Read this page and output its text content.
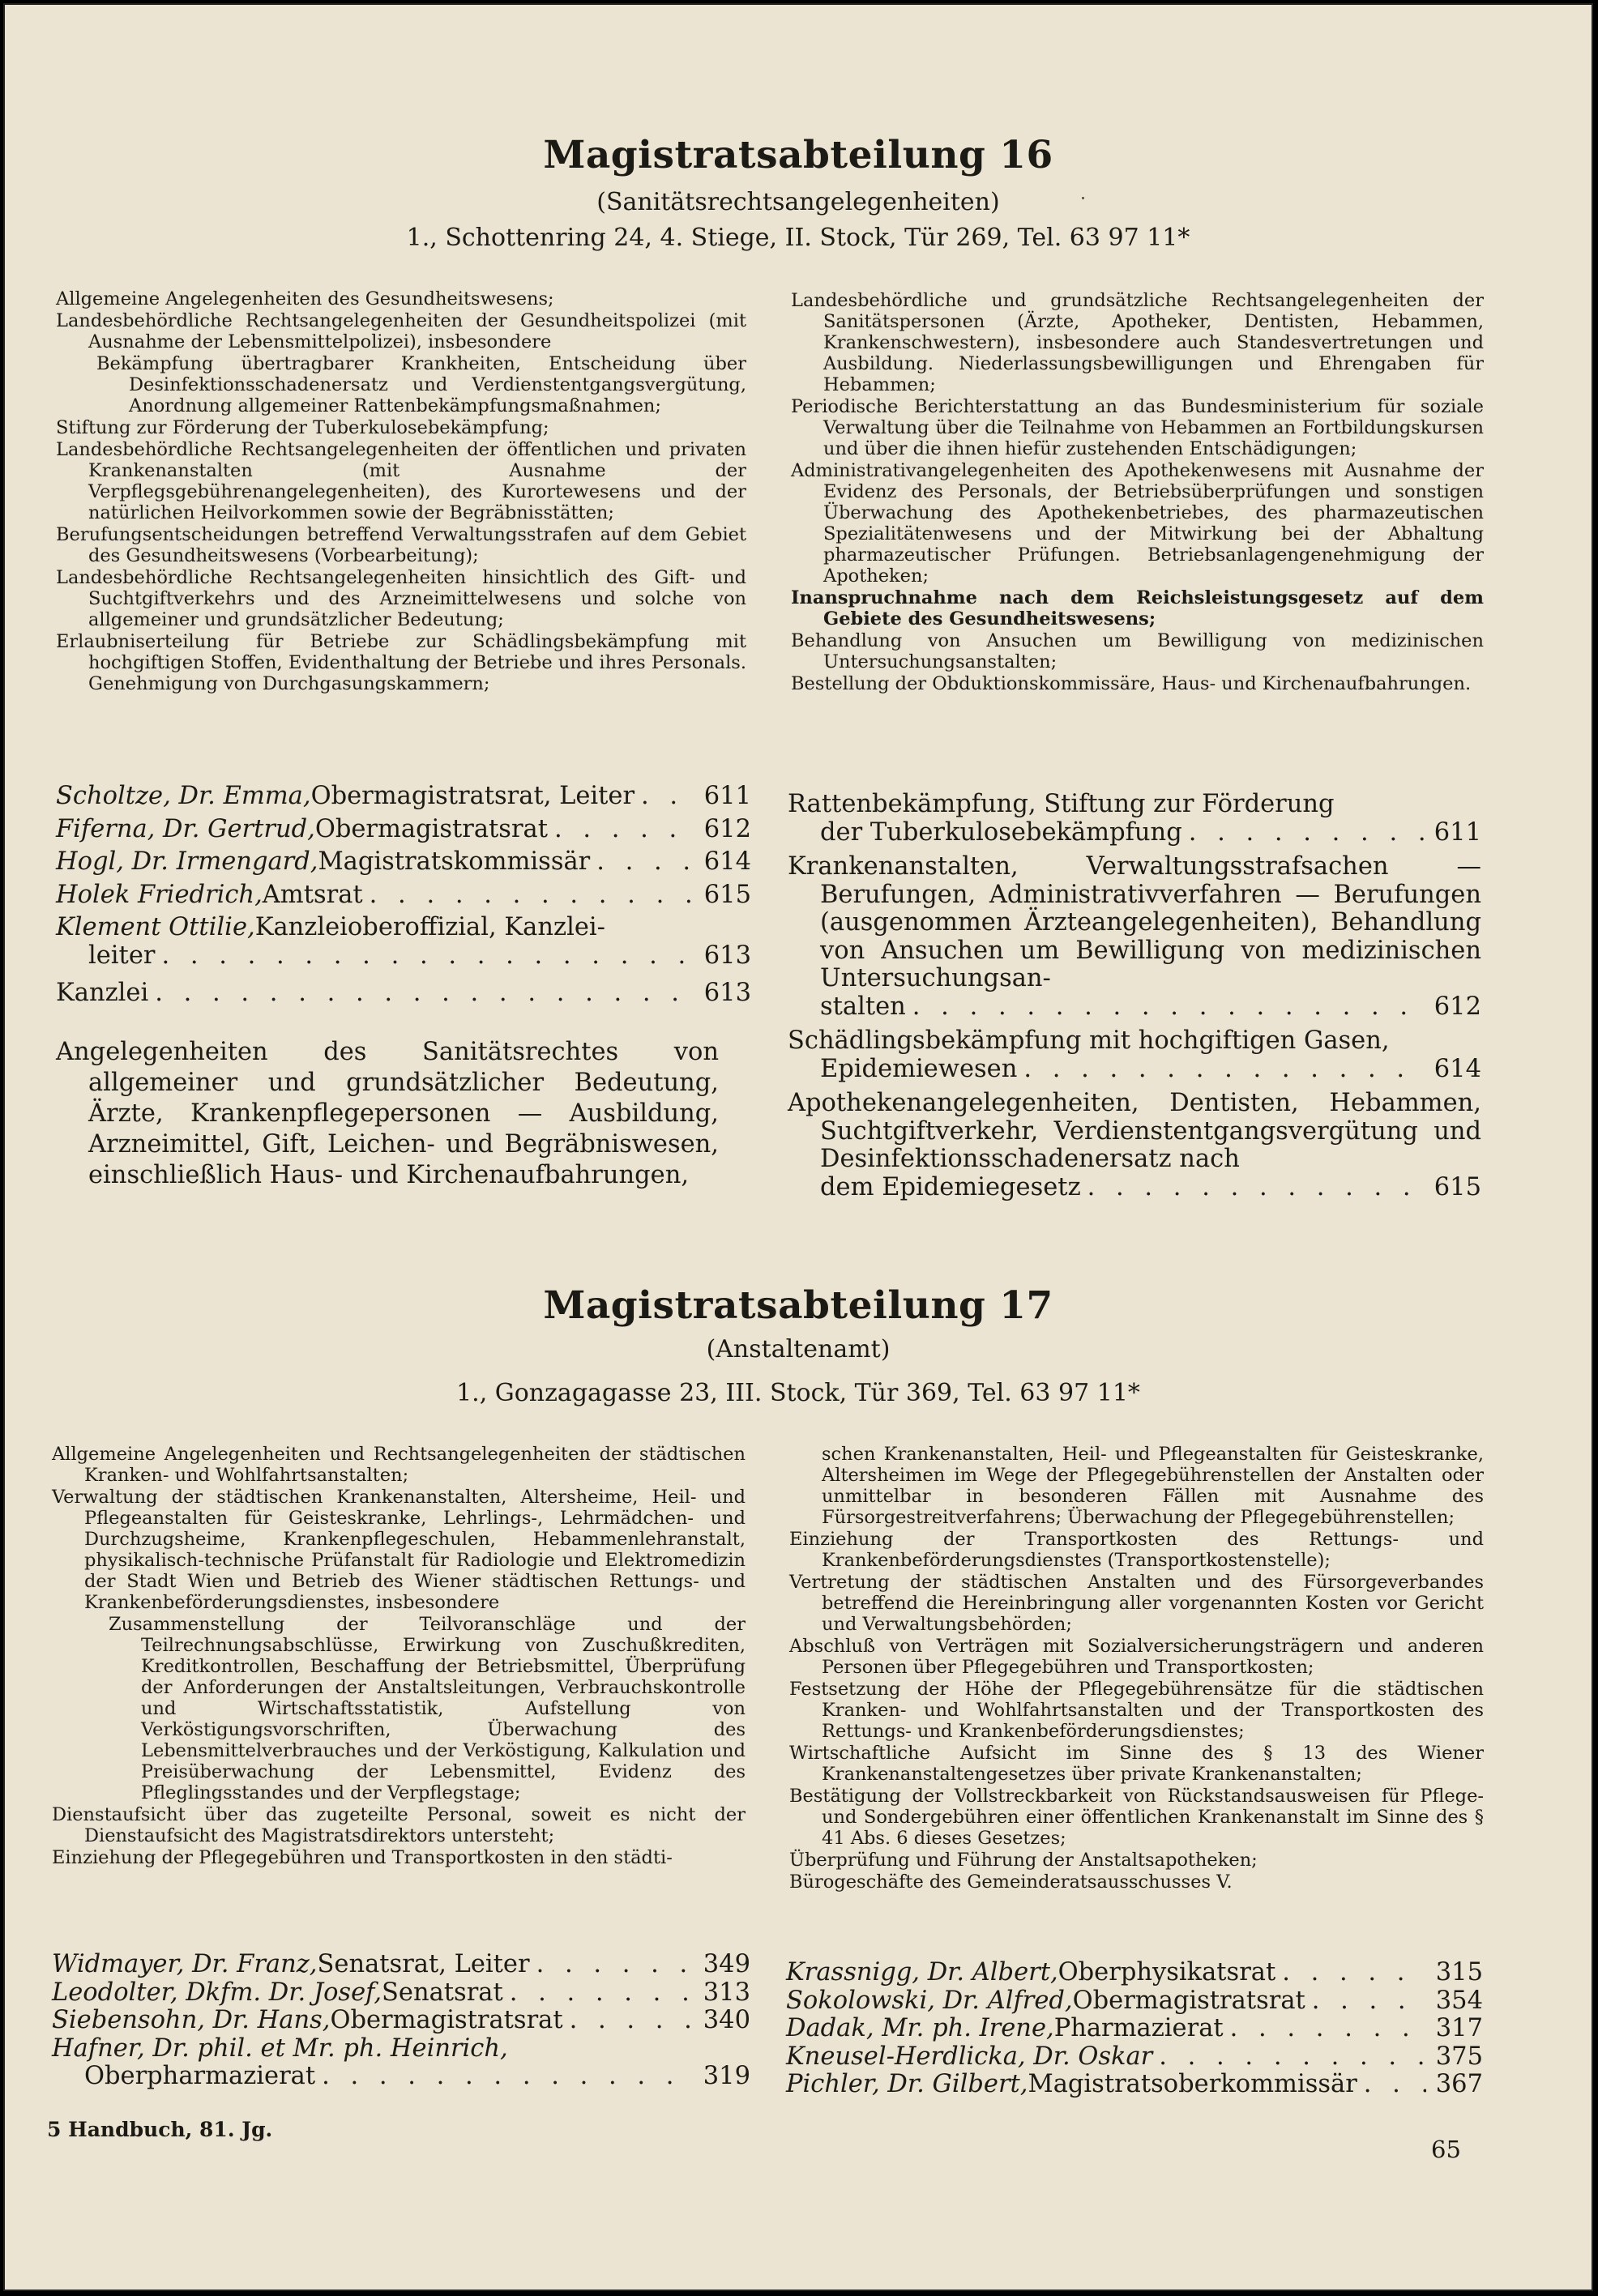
Magistratsabteilung 16
(Sanitätsrechtsangelegenheiten)
1., Schottenring 24, 4. Stiege, II. Stock, Tür 269, Tel. 63 97 11*
Allgemeine Angelegenheiten des Gesundheitswesens;
Landesbehördliche Rechtsangelegenheiten der Gesundheitspolizei (mit Ausnahme der Lebensmittelpolizei), insbesondere
Bekämpfung übertragbarer Krankheiten, Entscheidung über Desinfektionsschadenersatz und Verdienstentgangsvergütung, Anordnung allgemeiner Rattenbekämpfungsmaßnahmen;
Stiftung zur Förderung der Tuberkulosebekämpfung;
Landesbehördliche Rechtsangelegenheiten der öffentlichen und privaten Krankenanstalten (mit Ausnahme der Verpflegsgebührenangelegenheiten), des Kurortewesens und der natürlichen Heilvorkommen sowie der Begräbnisstätten;
Berufungsentscheidungen betreffend Verwaltungsstrafen auf dem Gebiet des Gesundheitswesens (Vorbearbeitung);
Landesbehördliche Rechtsangelegenheiten hinsichtlich des Gift- und Suchtgiftverkehrs und des Arzneimittelwesens und solche von allgemeiner und grundsätzlicher Bedeutung;
Erlaubniserteilung für Betriebe zur Schädlingsbekämpfung mit hochgiftigen Stoffen, Evidenthaltung der Betriebe und ihres Personals. Genehmigung von Durchgasungskammern;
Landesbehördliche und grundsätzliche Rechtsangelegenheiten der Sanitätspersonen (Ärzte, Apotheker, Dentisten, Hebammen, Krankenschwestern), insbesondere auch Standesvertretungen und Ausbildung. Niederlassungsbewilligungen und Ehrengaben für Hebammen;
Periodische Berichterstattung an das Bundesministerium für soziale Verwaltung über die Teilnahme von Hebammen an Fortbildungskursen und über die ihnen hiefür zustehenden Entschädigungen;
Administrativangelegenheiten des Apothekenwesens mit Ausnahme der Evidenz des Personals, der Betriebsüberprüfungen und sonstigen Überwachung des Apothekenbetriebes, des pharmazeutischen Spezialitätenwesens und der Mitwirkung bei der Abhaltung pharmazeutischer Prüfungen. Betriebsanlagengenehmigung der Apotheken;
Inanspruchnahme nach dem Reichsleistungsgesetz auf dem Gebiete des Gesundheitswesens;
Behandlung von Ansuchen um Bewilligung von medizinischen Untersuchungsanstalten;
Bestellung der Obduktionskommissäre, Haus- und Kirchenaufbahrungen.
Scholtze, Dr. Emma, Obermagistratsrat, Leiter . . .	611
Fiferna, Dr. Gertrud, Obermagistratsrat . . .	612
Hogl, Dr. Irmengard, Magistratskommissär . . .	614
Holek Friedrich, Amtsrat . . .	615
Klement Ottilie, Kanzleioberoffizial, Kanzlei-
leiter . . .	613
Kanzlei . . .	613
Angelegenheiten des Sanitätsrechtes von allgemeiner und grundsätzlicher Bedeutung, Ärzte, Krankenpflegepersonen — Ausbildung, Arzneimittel, Gift, Leichen- und Begräbniswesen, einschließlich Haus- und Kirchenaufbahrungen,
Rattenbekämpfung, Stiftung zur Förderung
der Tuberkulosebekämpfung . . .	611
Krankenanstalten, Verwaltungsstrafsachen — Berufungen, Administrativverfahren — Berufungen (ausgenommen Ärzteangelegenheiten), Behandlung von Ansuchen um Bewilligung von medizinischen Untersuchungsan-
stalten . . .	612
Schädlingsbekämpfung mit hochgiftigen Gasen,
Epidemiewesen . . .	614
Apothekenangelegenheiten, Dentisten, Hebammen, Suchtgiftverkehr, Verdienstentgangsvergütung und Desinfektionsschadenersatz nach
dem Epidemiegesetz . . .	615
Magistratsabteilung 17
(Anstaltenamt)
1., Gonzagagasse 23, III. Stock, Tür 369, Tel. 63 97 11*
Allgemeine Angelegenheiten und Rechtsangelegenheiten der städtischen Kranken- und Wohlfahrtsanstalten;
Verwaltung der städtischen Krankenanstalten, Altersheime, Heil- und Pflegeanstalten für Geisteskranke, Lehrlings-, Lehrmädchen- und Durchzugsheime, Krankenpflegeschulen, Hebammenlehranstalt, physikalisch-technische Prüfanstalt für Radiologie und Elektromedizin der Stadt Wien und Betrieb des Wiener städtischen Rettungs- und Krankenbeförderungsdienstes, insbesondere
Zusammenstellung der Teilvoranschläge und der Teilrechnungsabschlüsse, Erwirkung von Zuschußkrediten, Kreditkontrollen, Beschaffung der Betriebsmittel, Überprüfung der Anforderungen der Anstaltsleitungen, Verbrauchskontrolle und Wirtschaftsstatistik, Aufstellung von Verköstigungsvorschriften, Überwachung des Lebensmittelverbrauches und der Verköstigung, Kalkulation und Preisüberwachung der Lebensmittel, Evidenz des Pfleglingsstandes und der Verpflegstage;
Dienstaufsicht über das zugeteilte Personal, soweit es nicht der Dienstaufsicht des Magistratsdirektors untersteht;
Einziehung der Pflegegebühren und Transportkosten in den städti-
schen Krankenanstalten, Heil- und Pflegeanstalten für Geisteskranke, Altersheimen im Wege der Pflegegebührenstellen der Anstalten oder unmittelbar in besonderen Fällen mit Ausnahme des Fürsorgestreitverfahrens; Überwachung der Pflegegebührenstellen;
Einziehung der Transportkosten des Rettungs- und Krankenbeförderungsdienstes (Transportkostenstelle);
Vertretung der städtischen Anstalten und des Fürsorgeverbandes betreffend die Hereinbringung aller vorgenannten Kosten vor Gericht und Verwaltungsbehörden;
Abschluß von Verträgen mit Sozialversicherungsträgern und anderen Personen über Pflegegebühren und Transportkosten;
Festsetzung der Höhe der Pflegegebührensätze für die städtischen Kranken- und Wohlfahrtsanstalten und der Transportkosten des Rettungs- und Krankenbeförderungsdienstes;
Wirtschaftliche Aufsicht im Sinne des § 13 des Wiener Krankenanstaltengesetzes über private Krankenanstalten;
Bestätigung der Vollstreckbarkeit von Rückstandsausweisen für Pflege- und Sondergebühren einer öffentlichen Krankenanstalt im Sinne des § 41 Abs. 6 dieses Gesetzes;
Überprüfung und Führung der Anstaltsapotheken;
Bürogeschäfte des Gemeinderatsausschusses V.
Widmayer, Dr. Franz, Senatsrat, Leiter . . .	349
Leodolter, Dkfm. Dr. Josef, Senatsrat . . .	313
Siebensohn, Dr. Hans, Obermagistratsrat . . .	340
Hafner, Dr. phil. et Mr. ph. Heinrich,
Oberpharmazierat . . .	319
Krassnigg, Dr. Albert, Oberphysikatsrat . . .	315
Sokolowski, Dr. Alfred, Obermagistratsrat . . .	354
Dadak, Mr. ph. Irene, Pharmazierat . . .	317
Kneusel-Herdlicka, Dr. Oskar . . .	375
Pichler, Dr. Gilbert, Magistratsoberkommissär . . .	367
5 Handbuch, 81. Jg.
65
